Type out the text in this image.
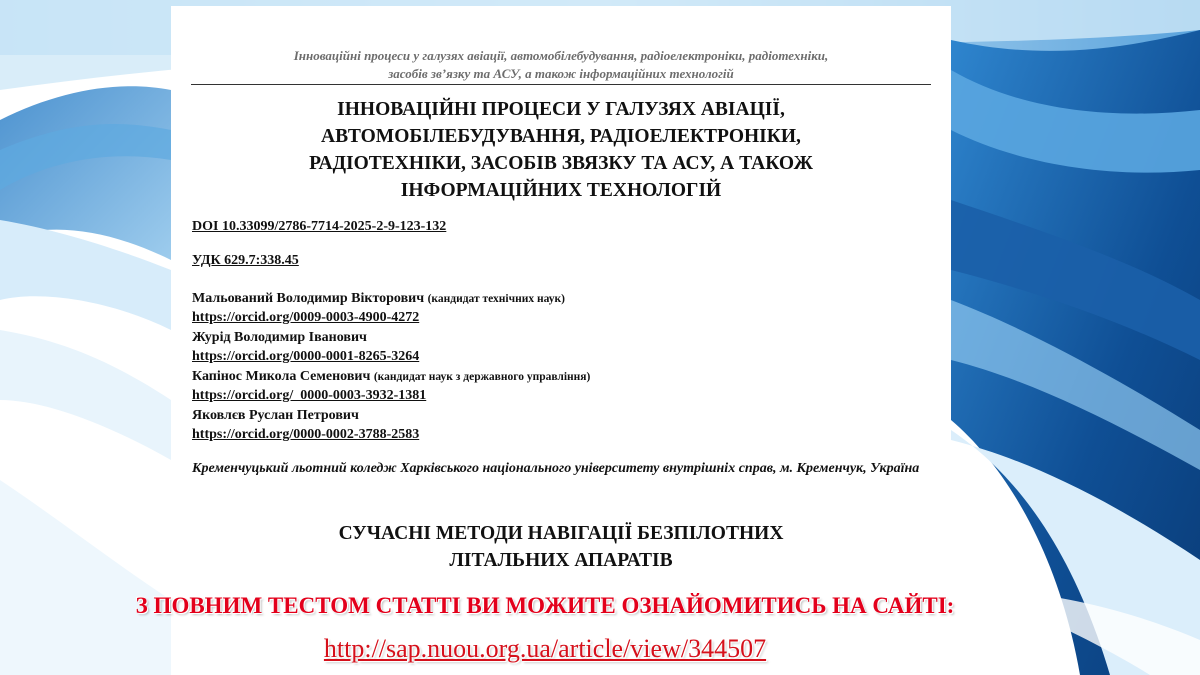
Інноваційні процеси у галузях авіації, автомобілебудування, радіоелектроніки, радіотехніки,
засобів зв’язку та АСУ, а також інформаційних технологій
ІННОВАЦІЙНІ ПРОЦЕСИ У ГАЛУЗЯХ АВІАЦІЇ,
АВТОМОБІЛЕБУДУВАННЯ, РАДІОЕЛЕКТРОНІКИ,
РАДІОТЕХНІКИ, ЗАСОБІВ ЗВЯЗКУ ТА АСУ, А ТАКОЖ
ІНФОРМАЦІЙНИХ ТЕХНОЛОГІЙ
DOI 10.33099/2786-7714-2025-2-9-123-132
УДК 629.7:338.45
Мальований Володимир Вікторович (кандидат технічних наук)
https://orcid.org/0009-0003-4900-4272
Журід Володимир Іванович
https://orcid.org/0000-0001-8265-3264
Капінос Микола Семенович (кандидат наук з державного управління)
https://orcid.org/  0000-0003-3932-1381
Яковлєв Руслан Петрович
https://orcid.org/0000-0002-3788-2583
Кременчуцький льотний коледж Харківського національного університету внутрішніх справ, м. Кременчук, Україна
СУЧАСНІ МЕТОДИ НАВІГАЦІЇ БЕЗПІЛОТНИХ
ЛІТАЛЬНИХ АПАРАТІВ
З ПОВНИМ ТЕСТОМ СТАТТІ ВИ МОЖИТЕ ОЗНАЙОМИТИСЬ НА САЙТІ:
http://sap.nuou.org.ua/article/view/344507
